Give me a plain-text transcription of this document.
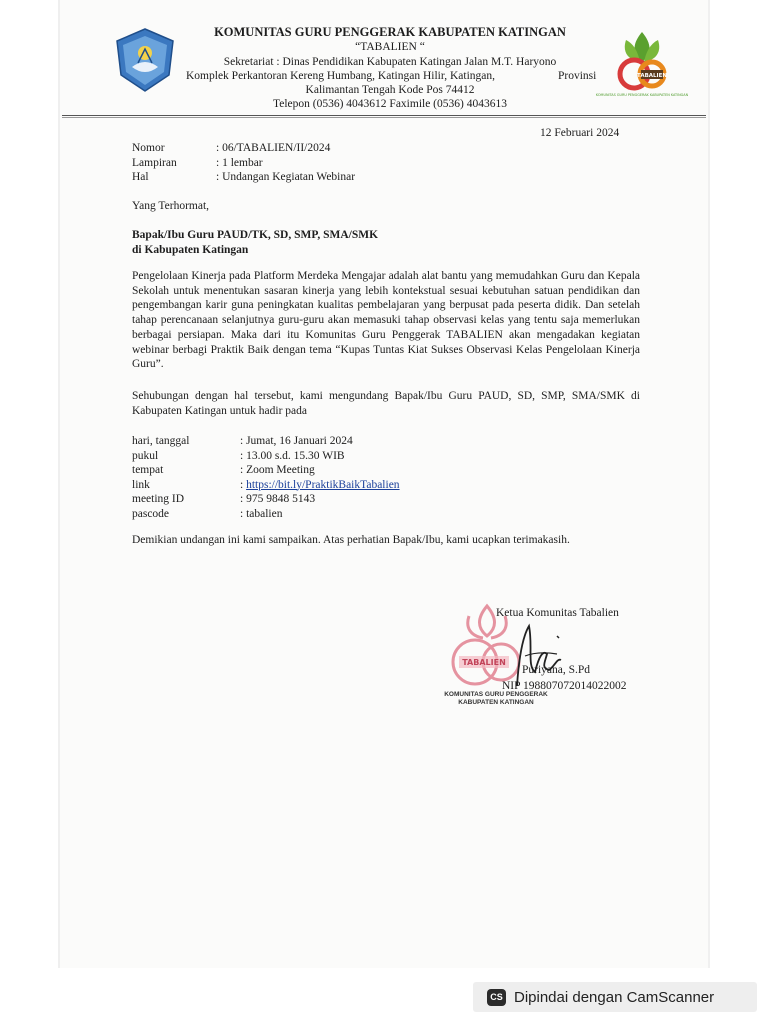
TABALIEN
KOMUNITAS GURU PENGGERAK KABUPATEN KATINGAN
KOMUNITAS GURU PENGGERAK KABUPATEN KATINGAN
“TABALIEN “
Sekretariat : Dinas Pendidikan Kabupaten Katingan Jalan M.T. Haryono
Komplek Perkantoran Kereng Humbang, Katingan Hilir, Katingan,	Provinsi
Kalimantan Tengah Kode Pos 74412
Telepon (0536) 4043612 Faximile (0536) 4043613
12 Februari 2024
Nomor	: 06/TABALIEN/II/2024
Lampiran	: 1 lembar
Hal	: Undangan Kegiatan Webinar
Yang Terhormat,
Bapak/Ibu Guru PAUD/TK, SD, SMP, SMA/SMK
di Kabupaten Katingan
Pengelolaan Kinerja pada Platform Merdeka Mengajar adalah alat bantu yang memudahkan Guru dan Kepala Sekolah untuk menentukan sasaran kinerja yang lebih kontekstual sesuai kebutuhan satuan pendidikan dan pengembangan karir guna peningkatan kualitas pembelajaran yang berpusat pada peserta didik. Dan setelah tahap perencanaan selanjutnya guru-guru akan memasuki tahap observasi kelas yang tentu saja memerlukan berbagai persiapan. Maka dari itu Komunitas Guru Penggerak TABALIEN akan mengadakan kegiatan webinar berbagi Praktik Baik dengan tema “Kupas Tuntas Kiat Sukses Observasi Kelas Pengelolaan Kinerja Guru”.
Sehubungan dengan hal tersebut, kami mengundang Bapak/Ibu Guru PAUD, SD, SMP, SMA/SMK di Kabupaten Katingan untuk hadir pada
hari, tanggal	: Jumat, 16 Januari 2024
pukul	: 13.00 s.d. 15.30 WIB
tempat	: Zoom Meeting
link	: https://bit.ly/PraktikBaikTabalien
meeting ID	: 975 9848 5143
pascode	: tabalien
Demikian undangan ini kami sampaikan. Atas perhatian Bapak/Ibu, kami ucapkan terimakasih.
TABALIEN
Ketua Komunitas Tabalien
Puriyana, S.Pd
NIP 198807072014022002
KOMUNITAS GURU PENGGERAK
KABUPATEN KATINGAN
CS Dipindai dengan CamScanner
